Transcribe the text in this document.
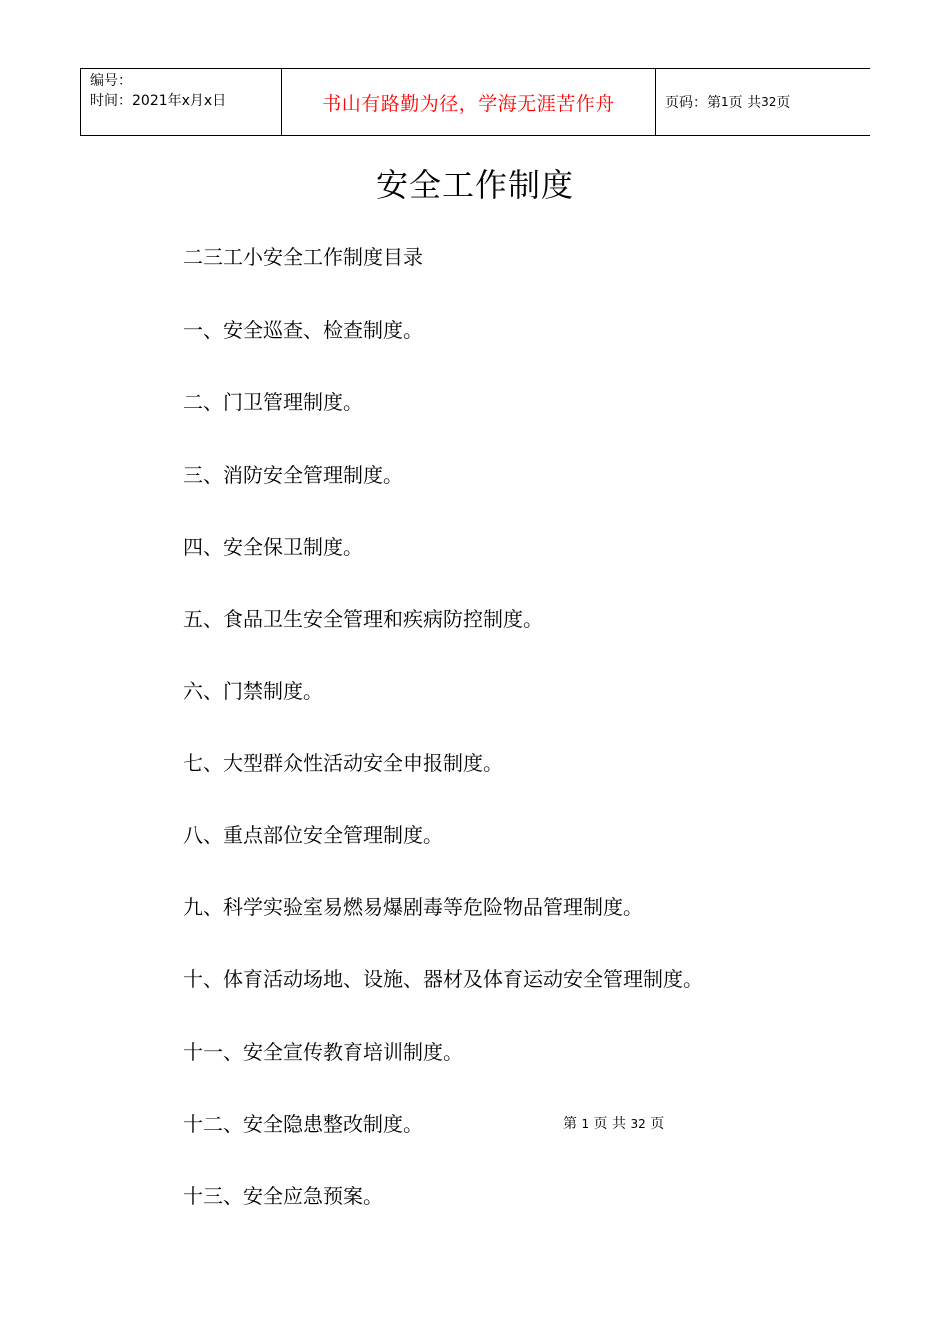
编号：
时间：2021年x月x日	书山有路勤为径，学海无涯苦作舟	页码：第 1 页 共 32 页
安全工作制度
二三工小安全工作制度目录
一、安全巡查、检查制度。
二、门卫管理制度。
三、消防安全管理制度。
四、安全保卫制度。
五、食品卫生安全管理和疾病防控制度。
六、门禁制度。
七、大型群众性活动安全申报制度。
八、重点部位安全管理制度。
九、科学实验室易燃易爆剧毒等危险物品管理制度。
十、体育活动场地、设施、器材及体育运动安全管理制度。
十一、安全宣传教育培训制度。
十二、安全隐患整改制度。
十三、安全应急预案。
第 1 页 共 32 页
